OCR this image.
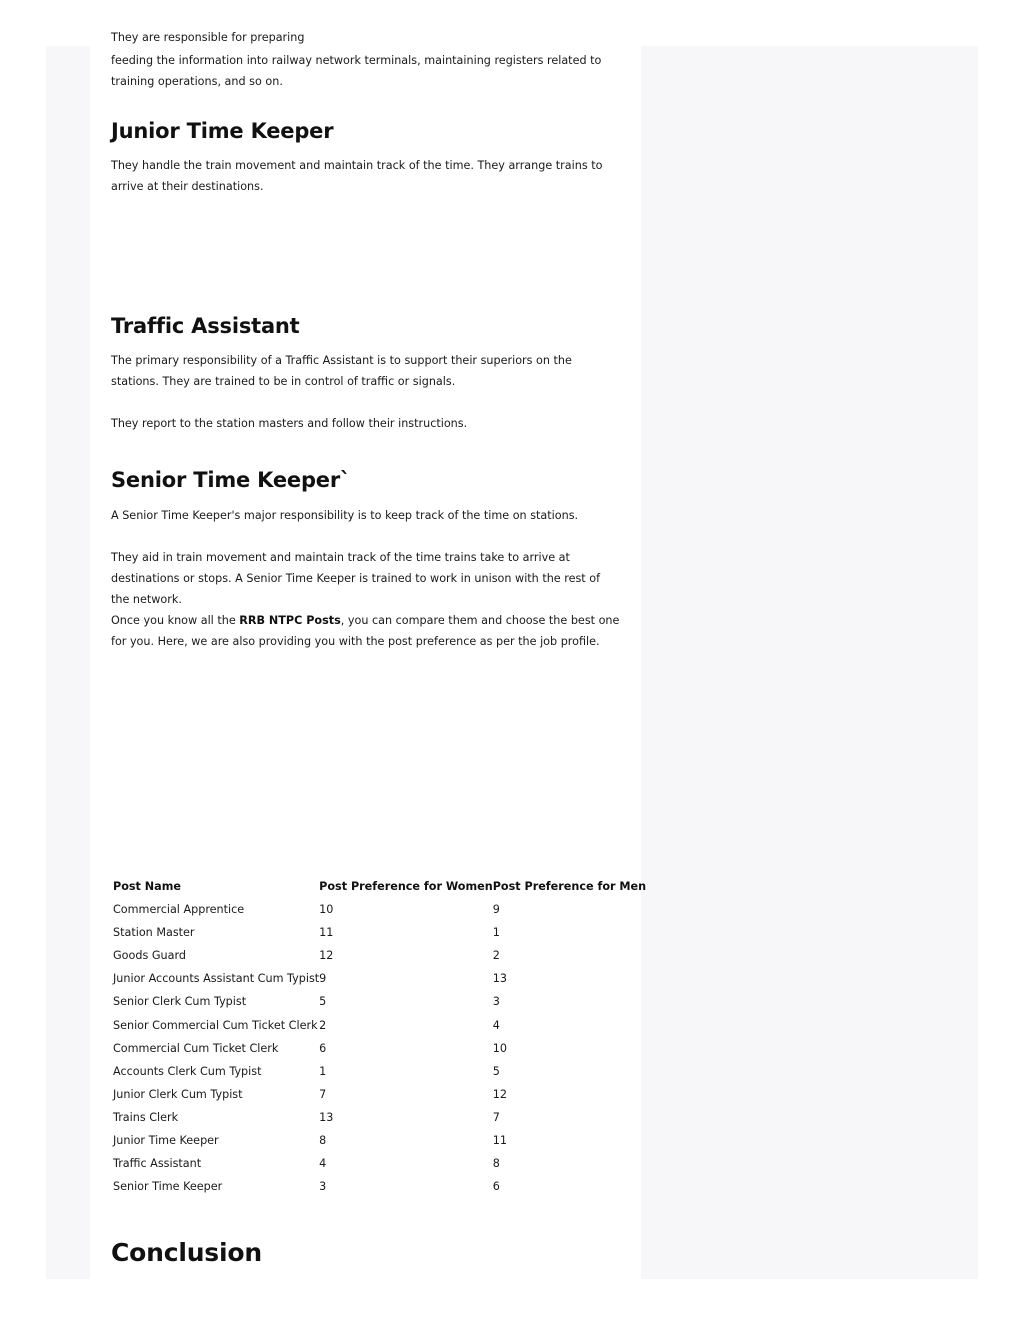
They are responsible for preparing

feeding the information into railway network terminals, maintaining registers related to training operations, and so on.

Junior Time Keeper

They handle the train movement and maintain track of the time. They arrange trains to arrive at their destinations.

Traffic Assistant

The primary responsibility of a Traffic Assistant is to support their superiors on the stations. They are trained to be in control of traffic or signals.

They report to the station masters and follow their instructions.

Senior Time Keeper`

A Senior Time Keeper's major responsibility is to keep track of the time on stations.

They aid in train movement and maintain track of the time trains take to arrive at destinations or stops. A Senior Time Keeper is trained to work in unison with the rest of the network.

Once you know all the RRB NTPC Posts, you can compare them and choose the best one for you. Here, we are also providing you with the post preference as per the job profile.

Post Name	Post Preference for Women	Post Preference for Men
Commercial Apprentice	10	9
Station Master	11	1
Goods Guard	12	2
Junior Accounts Assistant Cum Typist	9	13
Senior Clerk Cum Typist	5	3
Senior Commercial Cum Ticket Clerk	2	4
Commercial Cum Ticket Clerk	6	10
Accounts Clerk Cum Typist	1	5
Junior Clerk Cum Typist	7	12
Trains Clerk	13	7
Junior Time Keeper	8	11
Traffic Assistant	4	8
Senior Time Keeper	3	6
Conclusion
